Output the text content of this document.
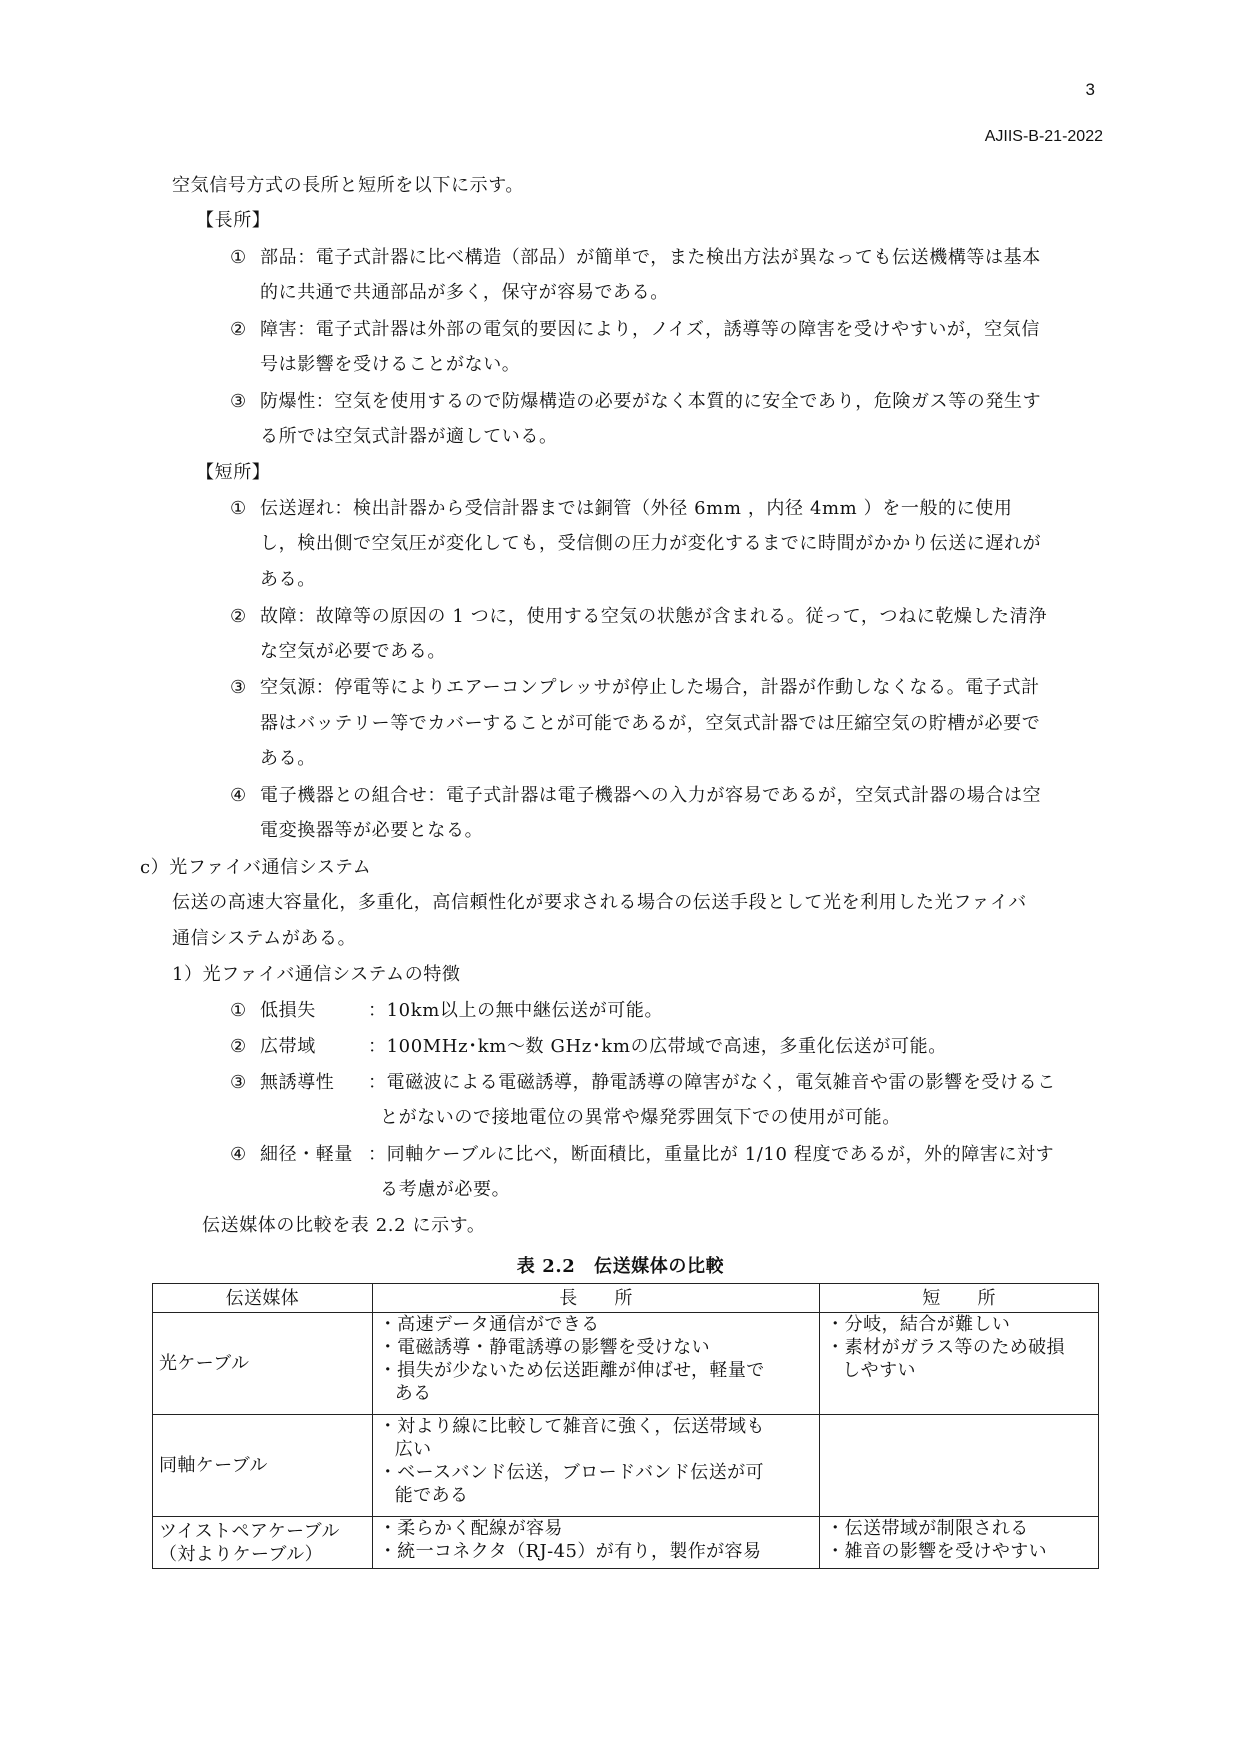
3
AJIIS-B-21-2022
空気信号方式の長所と短所を以下に示す。
【長所】
① 部品：電子式計器に比べ構造（部品）が簡単で，また検出方法が異なっても伝送機構等は基本
的に共通で共通部品が多く，保守が容易である。
② 障害：電子式計器は外部の電気的要因により，ノイズ，誘導等の障害を受けやすいが，空気信
号は影響を受けることがない。
③ 防爆性：空気を使用するので防爆構造の必要がなく本質的に安全であり，危険ガス等の発生す
る所では空気式計器が適している。
【短所】
① 伝送遅れ：検出計器から受信計器までは銅管（外径 6mm ，内径 4mm ）を一般的に使用
し，検出側で空気圧が変化しても，受信側の圧力が変化するまでに時間がかかり伝送に遅れが
ある。
② 故障：故障等の原因の 1 つに，使用する空気の状態が含まれる。従って，つねに乾燥した清浄
な空気が必要である。
③ 空気源：停電等によりエアーコンプレッサが停止した場合，計器が作動しなくなる。電子式計
器はバッテリー等でカバーすることが可能であるが，空気式計器では圧縮空気の貯槽が必要で
ある。
④ 電子機器との組合せ：電子式計器は電子機器への入力が容易であるが，空気式計器の場合は空
電変換器等が必要となる。
c）光ファイバ通信システム
伝送の高速大容量化，多重化，高信頼性化が要求される場合の伝送手段として光を利用した光ファイバ
通信システムがある。
1）光ファイバ通信システムの特徴
① 低損失	：10km以上の無中継伝送が可能。
② 広帯域	：100MHz･km～数 GHz･kmの広帯域で高速，多重化伝送が可能。
③ 無誘導性 ：電磁波による電磁誘導，静電誘導の障害がなく，電気雑音や雷の影響を受けるこ
とがないので接地電位の異常や爆発雰囲気下での使用が可能。
④ 細径・軽量 ：同軸ケーブルに比べ，断面積比，重量比が 1/10 程度であるが，外的障害に対す
る考慮が必要。
伝送媒体の比較を表 2.2 に示す。
表 2.2　伝送媒体の比較
伝送媒体	長　　所	短　　所

光ケーブル	・高速データ通信ができる
・電磁誘導・静電誘導の影響を受けない
・損失が少ないため伝送距離が伸ばせ，軽量で
ある	・分岐，結合が難しい
・素材がガラス等のため破損
しやすい

同軸ケーブル	・対より線に比較して雑音に強く，伝送帯域も
広い
・ベースバンド伝送，ブロードバンド伝送が可
能である	

ツイストペアケーブル
（対よりケーブル）	・柔らかく配線が容易
・統一コネクタ（RJ-45）が有り，製作が容易	・伝送帯域が制限される
・雑音の影響を受けやすい
